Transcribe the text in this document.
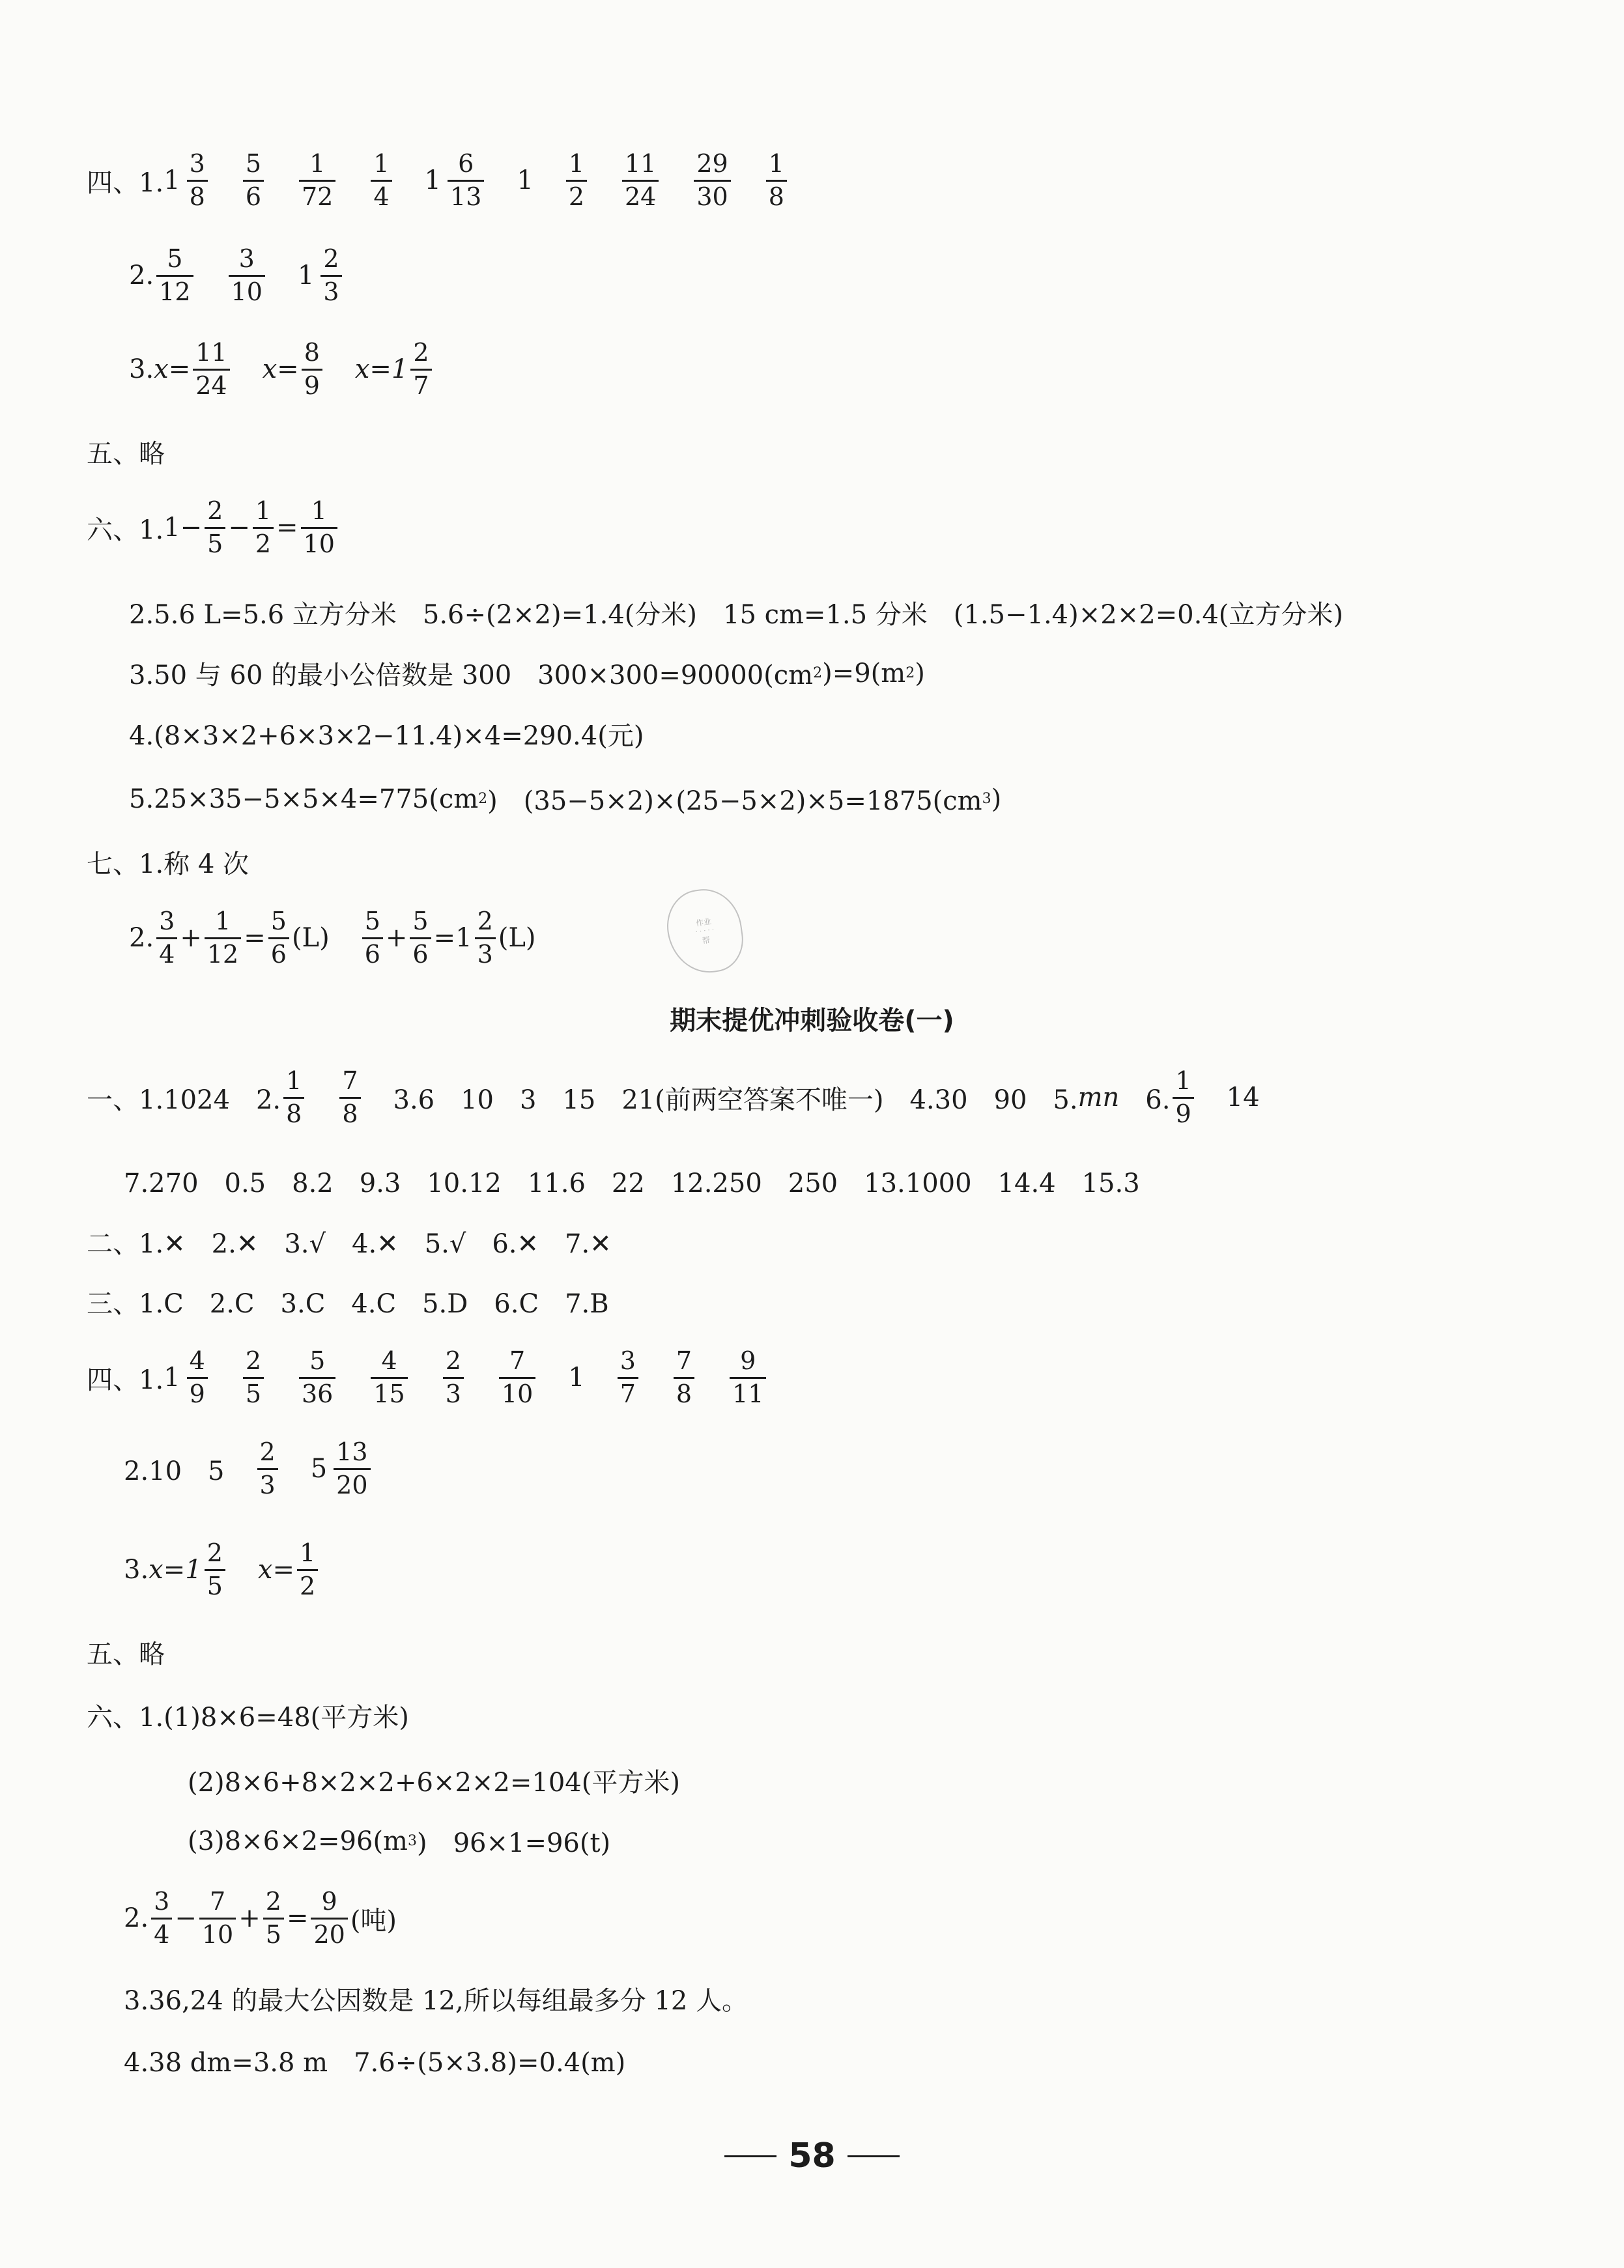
四、1. $1 \frac{3}{8} \frac{5}{6} \frac{1}{72} \frac{1}{4} 1 \frac{6}{13} 1 \frac{1}{2} \frac{11}{24} \frac{29}{30} \frac{1}{8}$
2. $\frac{5}{12} \frac{3}{10} 1 \frac{2}{3}$
3. $x= \frac{11}{24} x= \frac{8}{9} x=1 \frac{2}{7}$
五、略
六、1. $1- \frac{2}{5} - \frac{1}{2} = \frac{1}{10}$
2.5.6 L=5.6 立方分米　5.6÷(2×2)=1.4(分米)　15 cm=1.5 分米　(1.5−1.4)×2×2=0.4(立方分米)
3.50 与 60 的最小公倍数是 300　300×300=90000(cm 2 )=9(m 2 )
4.(8×3×2+6×3×2−11.4)×4=290.4(元)
5.25×35−5×5×4=775(cm 2 )　(35−5×2)×(25−5×2)×5=1875(cm 3 )
七、1.称 4 次
2. $\frac{3}{4} + \frac{1}{12} = \frac{5}{6} (L) \frac{5}{6} + \frac{5}{6} =1 \frac{2}{3} (L)$
作业
· · · · ·
帮
期末提优冲刺验收卷(一)
一、1.1024　2. $\frac{1}{8} \frac{7}{8} 3.6$　10　3　15　21(前两空答案不唯一)　4.30　90　5. mn 　6. $\frac{1}{9} 14$
7.270　0.5　8.2　9.3　10.12　11.6　22　12.250　250　13.1000　14.4　15.3
二、1.✕　2.✕　3.√　4.✕　5.√　6.✕　7.✕
三、1.C　2.C　3.C　4.C　5.D　6.C　7.B
四、1. $1 \frac{4}{9} \frac{2}{5} \frac{5}{36} \frac{4}{15} \frac{2}{3} \frac{7}{10} 1 \frac{3}{7} \frac{7}{8} \frac{9}{11}$
2.10　$5 \frac{2}{3} 5 \frac{13}{20}$
3. $x=1 \frac{2}{5} x= \frac{1}{2}$
五、略
六、1.(1)8×6=48(平方米)
(2)8×6+8×2×2+6×2×2=104(平方米)
(3)8×6×2=96(m 3 )　96×1=96(t)
2. $\frac{3}{4} - \frac{7}{10} + \frac{2}{5} = \frac{9}{20}$ (吨)
3.36,24 的最大公因数是 12,所以每组最多分 12 人。
4.38 dm=3.8 m　7.6÷(5×3.8)=0.4(m)
58
